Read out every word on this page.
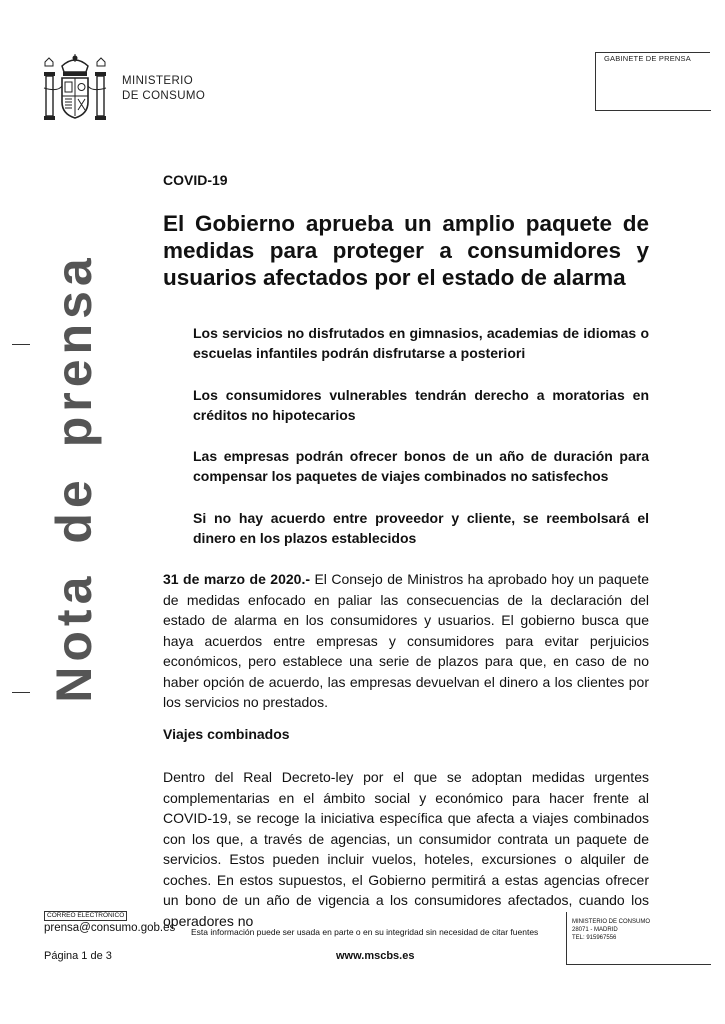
MINISTERIO
DE CONSUMO
GABINETE DE PRENSA
Notadeprensa
COVID-19
El Gobierno aprueba un amplio paquete de medidas para proteger a consumidores y usuarios afectados por el estado de alarma
Los servicios no disfrutados en gimnasios, academias de idiomas o escuelas infantiles podrán disfrutarse a posteriori
Los consumidores vulnerables tendrán derecho a moratorias en créditos no hipotecarios
Las empresas podrán ofrecer bonos de un año de duración para compensar los paquetes de viajes combinados no satisfechos
Si no hay acuerdo entre proveedor y cliente, se reembolsará el dinero en los plazos establecidos
31 de marzo de 2020.- El Consejo de Ministros ha aprobado hoy un paquete de medidas enfocado en paliar las consecuencias de la declaración del estado de alarma en los consumidores y usuarios. El gobierno busca que haya acuerdos entre empresas y consumidores para evitar perjuicios económicos, pero establece una serie de plazos para que, en caso de no haber opción de acuerdo, las empresas devuelvan el dinero a los clientes por los servicios no prestados.
Viajes combinados
Dentro del Real Decreto-ley por el que se adoptan medidas urgentes complementarias en el ámbito social y económico para hacer frente al COVID-19, se recoge la iniciativa específica que afecta a viajes combinados con los que, a través de agencias, un consumidor contrata un paquete de servicios. Estos pueden incluir vuelos, hoteles, excursiones o alquiler de coches. En estos supuestos, el Gobierno permitirá a estas agencias ofrecer un bono de un año de vigencia a los consumidores afectados, cuando los operadores no
CORREO ELECTRÓNICO
prensa@consumo.gob.es Esta información puede ser usada en parte o en su integridad sin necesidad de citar fuentes
MINISTERIO DE CONSUMO
28071 - MADRID
TEL: 915967556
Página 1 de 3	www.mscbs.es
